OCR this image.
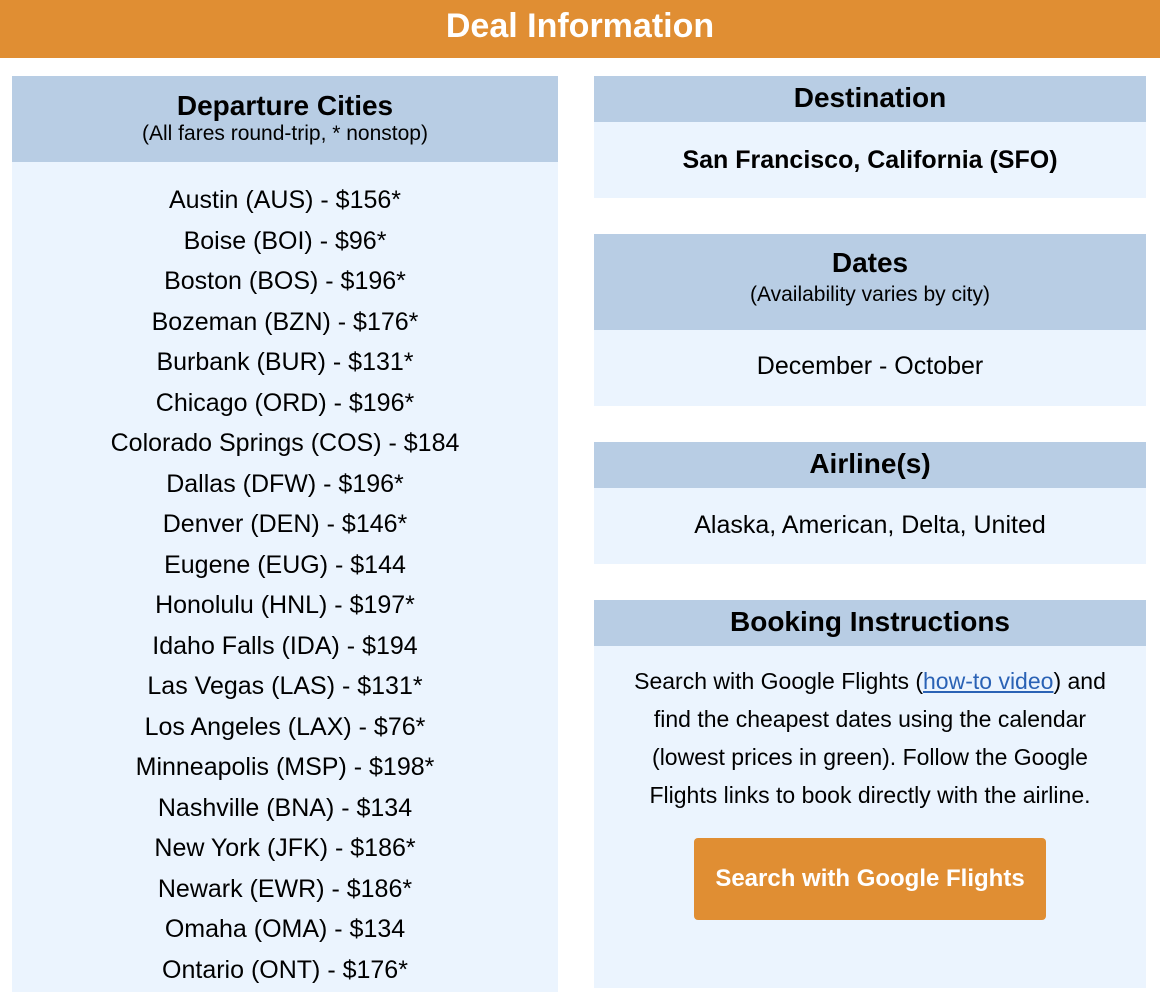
Deal Information
Departure Cities
(All fares round-trip, * nonstop)
Austin (AUS) - $156*
Boise (BOI) - $96*
Boston (BOS) - $196*
Bozeman (BZN) - $176*
Burbank (BUR) - $131*
Chicago (ORD) - $196*
Colorado Springs (COS) - $184
Dallas (DFW) - $196*
Denver (DEN) - $146*
Eugene (EUG) - $144
Honolulu (HNL) - $197*
Idaho Falls (IDA) - $194
Las Vegas (LAS) - $131*
Los Angeles (LAX) - $76*
Minneapolis (MSP) - $198*
Nashville (BNA) - $134
New York (JFK) - $186*
Newark (EWR) - $186*
Omaha (OMA) - $134
Ontario (ONT) - $176*
Destination
San Francisco, California (SFO)
Dates
(Availability varies by city)
December - October
Airline(s)
Alaska, American, Delta, United
Booking Instructions
Search with Google Flights (how-to video) and find the cheapest dates using the calendar (lowest prices in green). Follow the Google Flights links to book directly with the airline.
Search with Google Flights
